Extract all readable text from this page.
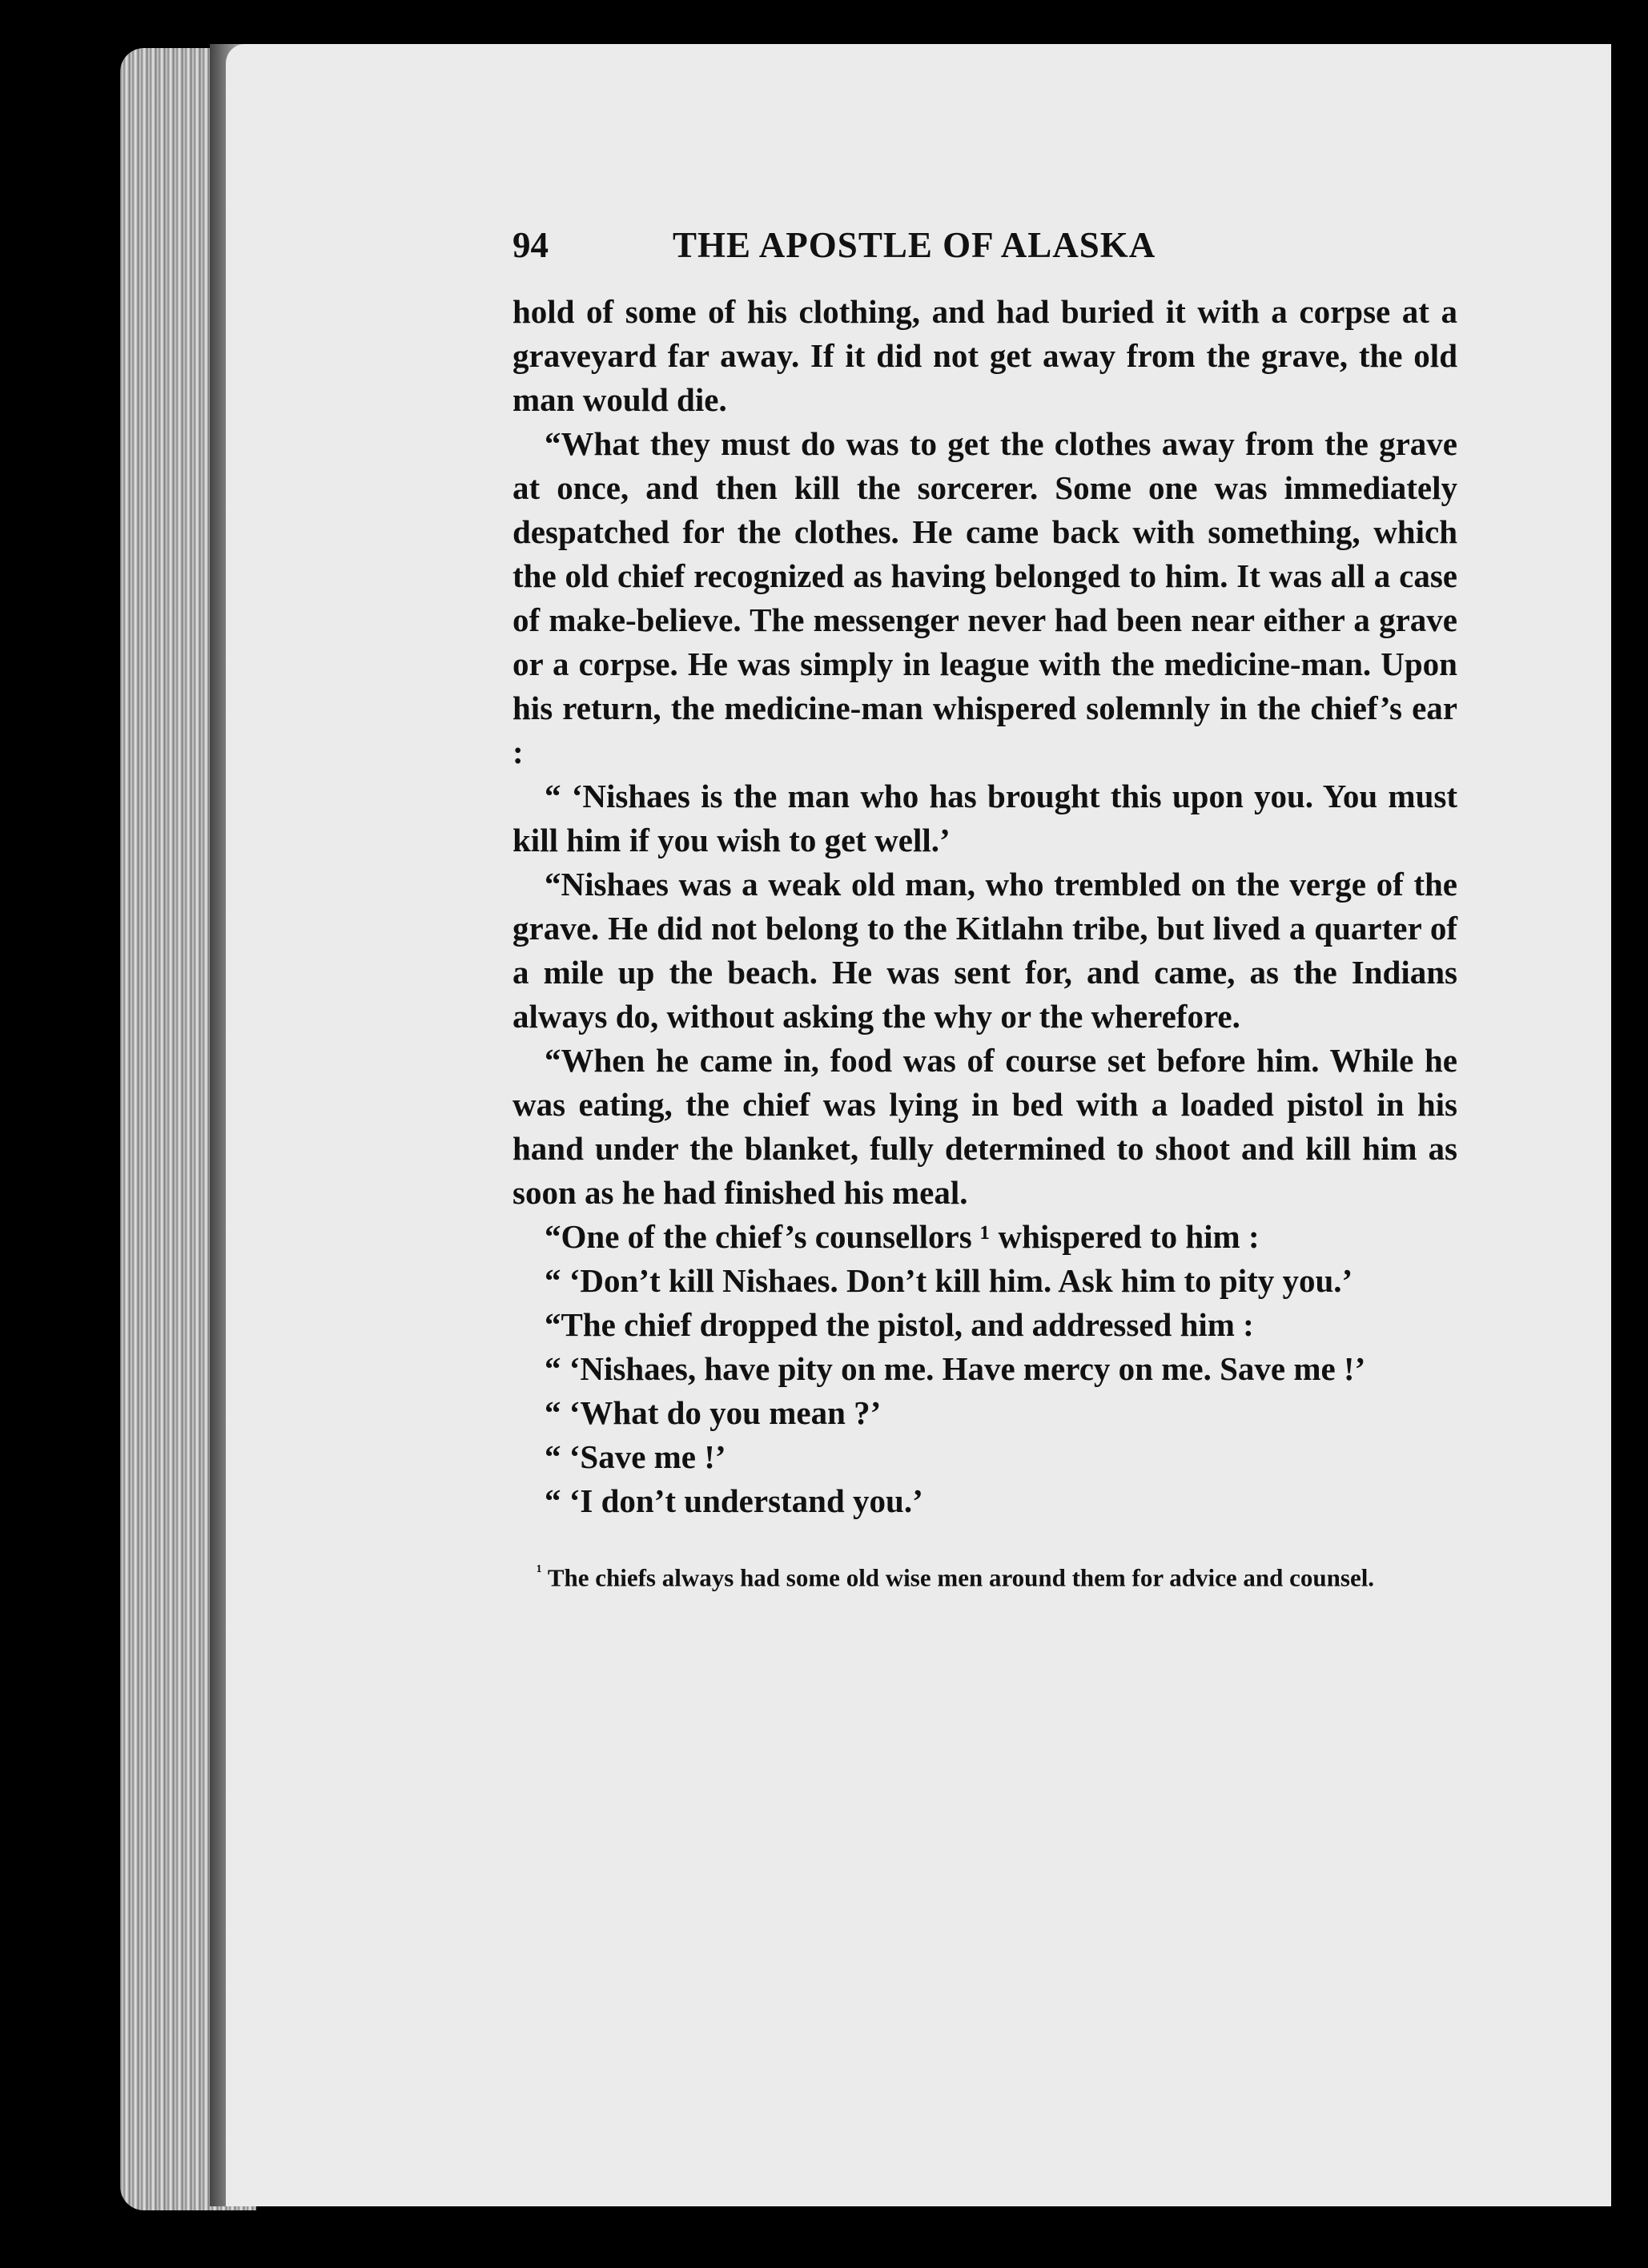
94	THE APOSTLE OF ALASKA

hold of some of his clothing, and had buried it with a corpse at a graveyard far away. If it did not get away from the grave, the old man would die.

“What they must do was to get the clothes away from the grave at once, and then kill the sorcerer. Some one was immediately despatched for the clothes. He came back with something, which the old chief recognized as having belonged to him. It was all a case of make-believe. The messenger never had been near either a grave or a corpse. He was simply in league with the medicine-man. Upon his return, the medicine-man whispered solemnly in the chief’s ear :

“ ‘Nishaes is the man who has brought this upon you. You must kill him if you wish to get well.’

“Nishaes was a weak old man, who trembled on the verge of the grave. He did not belong to the Kitlahn tribe, but lived a quarter of a mile up the beach. He was sent for, and came, as the Indians always do, without asking the why or the wherefore.

“When he came in, food was of course set before him. While he was eating, the chief was lying in bed with a loaded pistol in his hand under the blanket, fully determined to shoot and kill him as soon as he had finished his meal.

“One of the chief’s counsellors ¹ whispered to him :

“ ‘Don’t kill Nishaes. Don’t kill him. Ask him to pity you.’

“The chief dropped the pistol, and addressed him :

“ ‘Nishaes, have pity on me. Have mercy on me. Save me !’

“ ‘What do you mean ?’

“ ‘Save me !’

“ ‘I don’t understand you.’

$^{^1}$ The chiefs always had some old wise men around them for advice and counsel.
